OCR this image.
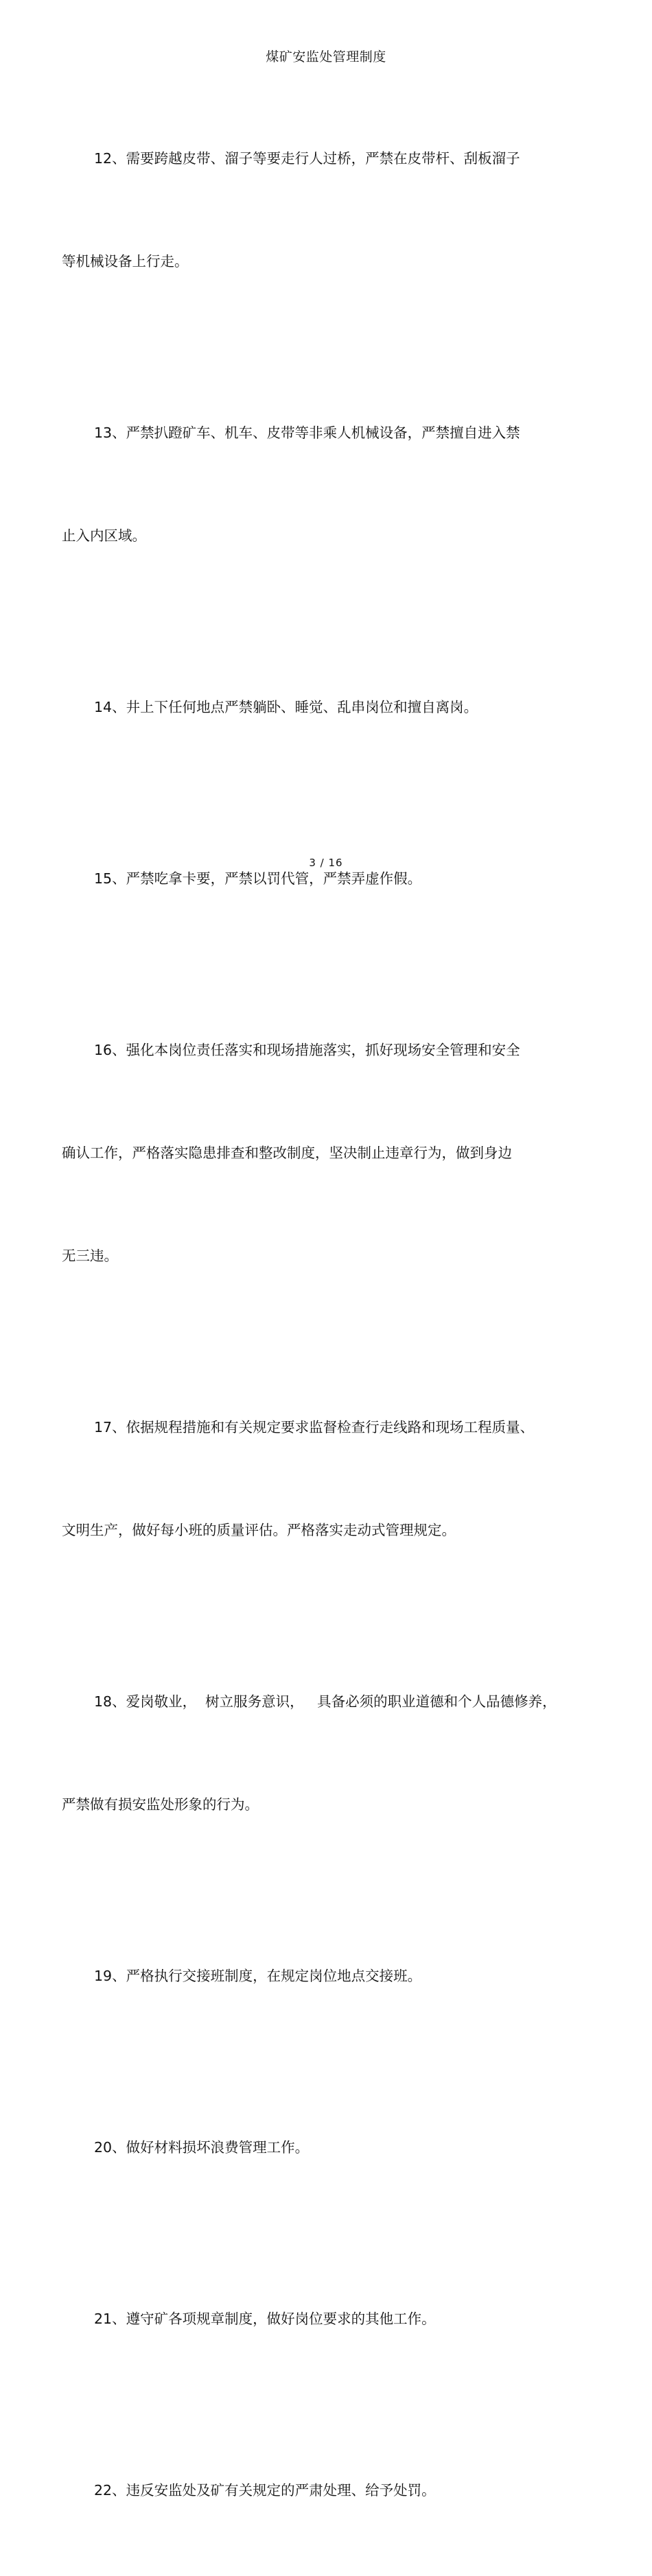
煤矿安监处管理制度

12、需要跨越皮带、溜子等要走行人过桥，严禁在皮带杆、刮板溜子

等机械设备上行走。

13、严禁扒蹬矿车、机车、皮带等非乘人机械设备，严禁擅自进入禁

止入内区域。

14、井上下任何地点严禁躺卧、睡觉、乱串岗位和擅自离岗。

15、严禁吃拿卡要，严禁以罚代管，严禁弄虚作假。

16、强化本岗位责任落实和现场措施落实，抓好现场安全管理和安全

确认工作，严格落实隐患排查和整改制度，坚决制止违章行为，做到身边

无三违。

17、依据规程措施和有关规定要求监督检查行走线路和现场工程质量、

文明生产，做好每小班的质量评估。严格落实走动式管理规定。

18、爱岗敬业，  树立服务意识，   具备必须的职业道德和个人品德修养，

严禁做有损安监处形象的行为。

19、严格执行交接班制度，在规定岗位地点交接班。

20、做好材料损坏浪费管理工作。

21、遵守矿各项规章制度，做好岗位要求的其他工作。

22、违反安监处及矿有关规定的严肃处理、给予处罚。

3 / 16
